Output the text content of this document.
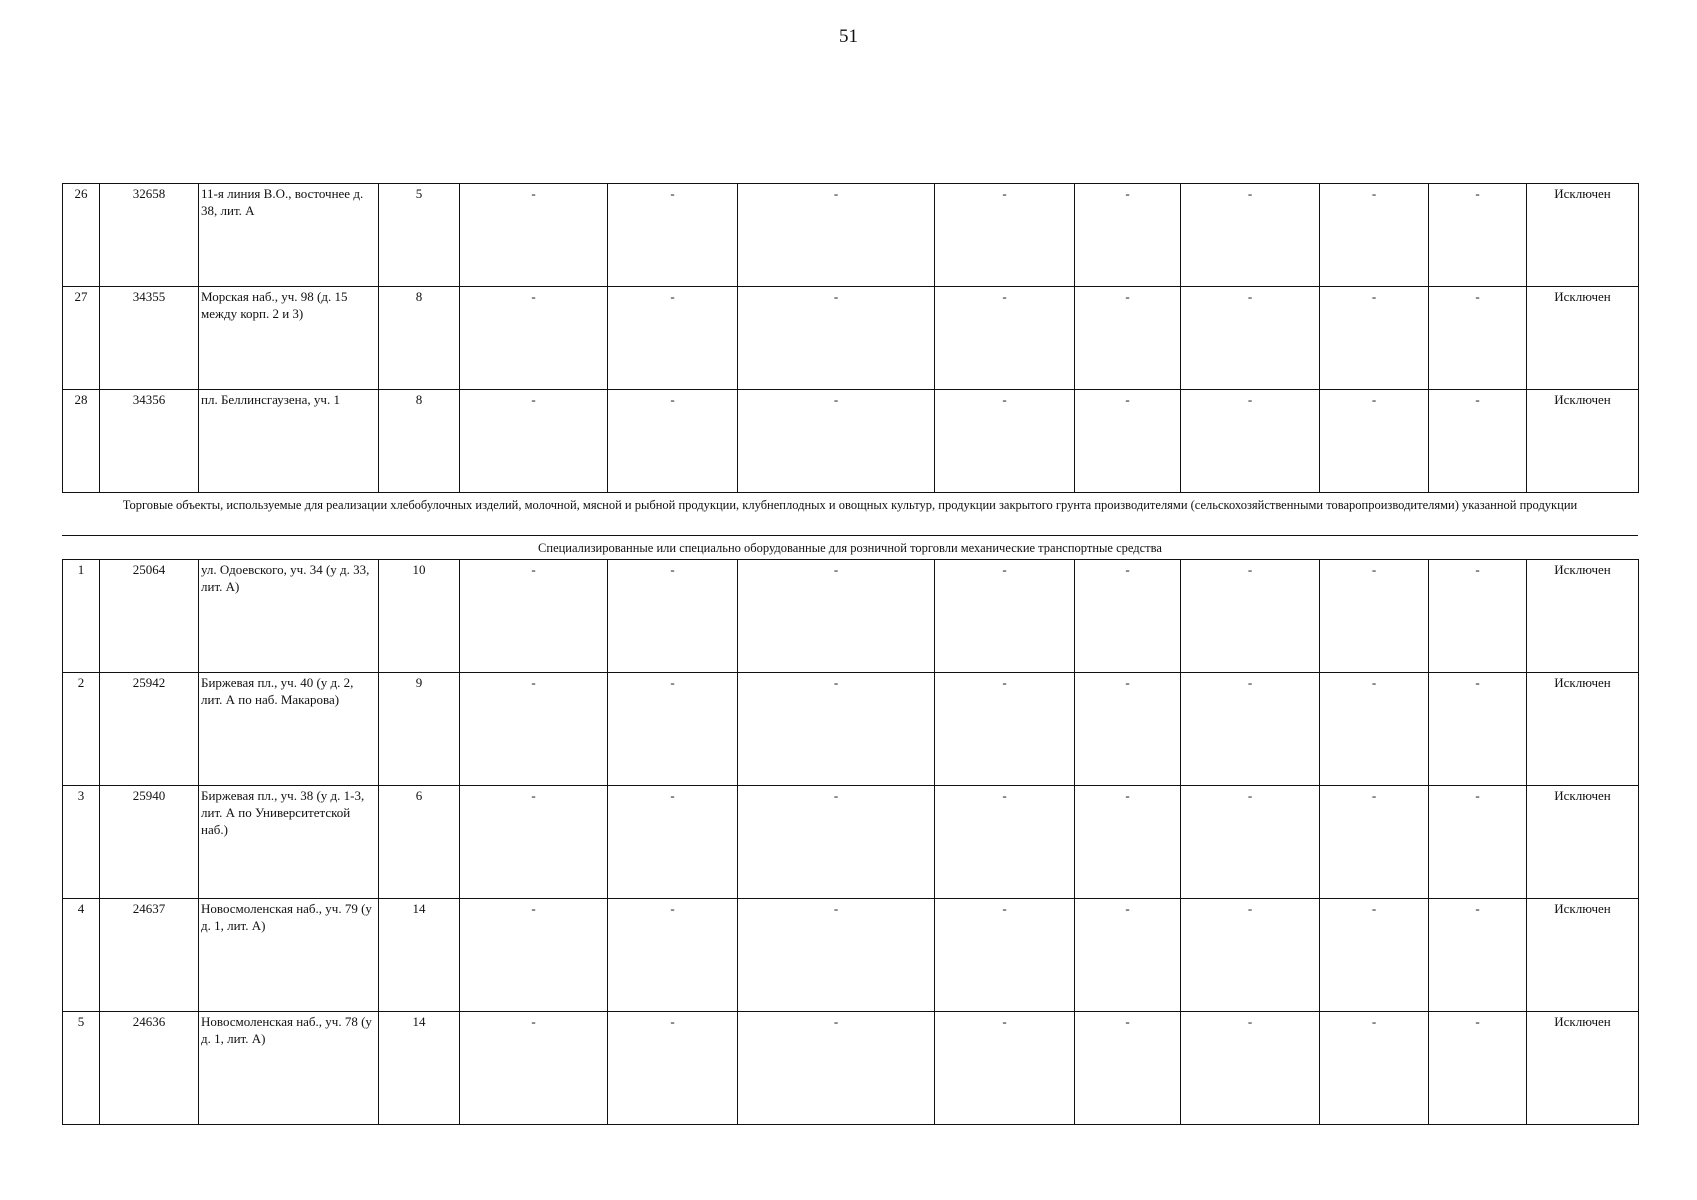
51
26	32658	11-я линия В.О., восточнее д. 38, лит. А	5	-	-	-	-	-	-	-	-	Исключен
27	34355	Морская наб., уч. 98 (д. 15 между корп. 2 и 3)	8	-	-	-	-	-	-	-	-	Исключен
28	34356	пл. Беллинсгаузена, уч. 1	8	-	-	-	-	-	-	-	-	Исключен
Торговые объекты, используемые для реализации хлебобулочных изделий, молочной, мясной и рыбной продукции, клубнеплодных и овощных культур, продукции закрытого грунта производителями (сельскохозяйственными товаропроизводителями) указанной продукции
Специализированные или специально оборудованные для розничной торговли механические транспортные средства
1	25064	ул. Одоевского, уч. 34 (у д. 33, лит. А)	10	-	-	-	-	-	-	-	-	Исключен
2	25942	Биржевая пл., уч. 40 (у д. 2, лит. А по наб. Макарова)	9	-	-	-	-	-	-	-	-	Исключен
3	25940	Биржевая пл., уч. 38 (у д. 1-3, лит. А по Университетской наб.)	6	-	-	-	-	-	-	-	-	Исключен
4	24637	Новосмоленская наб., уч. 79 (у д. 1, лит. А)	14	-	-	-	-	-	-	-	-	Исключен
5	24636	Новосмоленская наб., уч. 78 (у д. 1, лит. А)	14	-	-	-	-	-	-	-	-	Исключен
